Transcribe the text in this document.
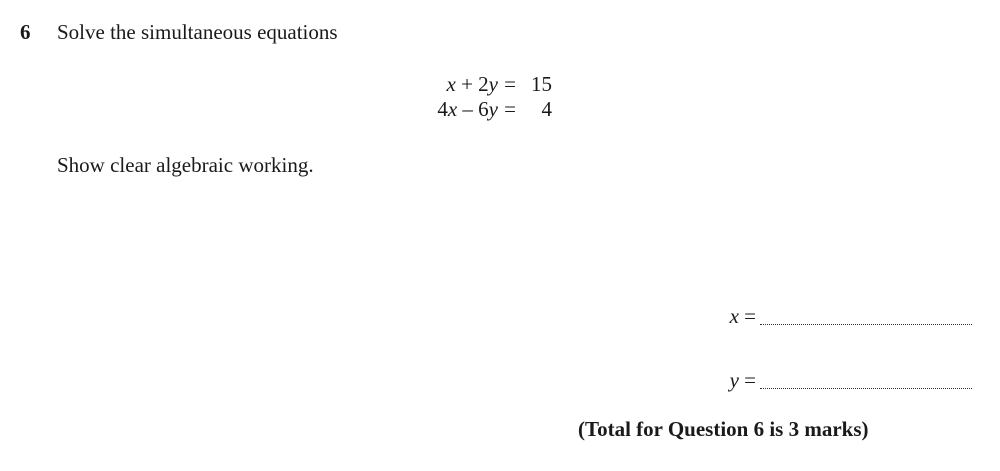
6 Solve the simultaneous equations
x + 2y = 15
4x – 6y =	4
Show clear algebraic working.
x =
y =
(Total for Question 6 is 3 marks)
